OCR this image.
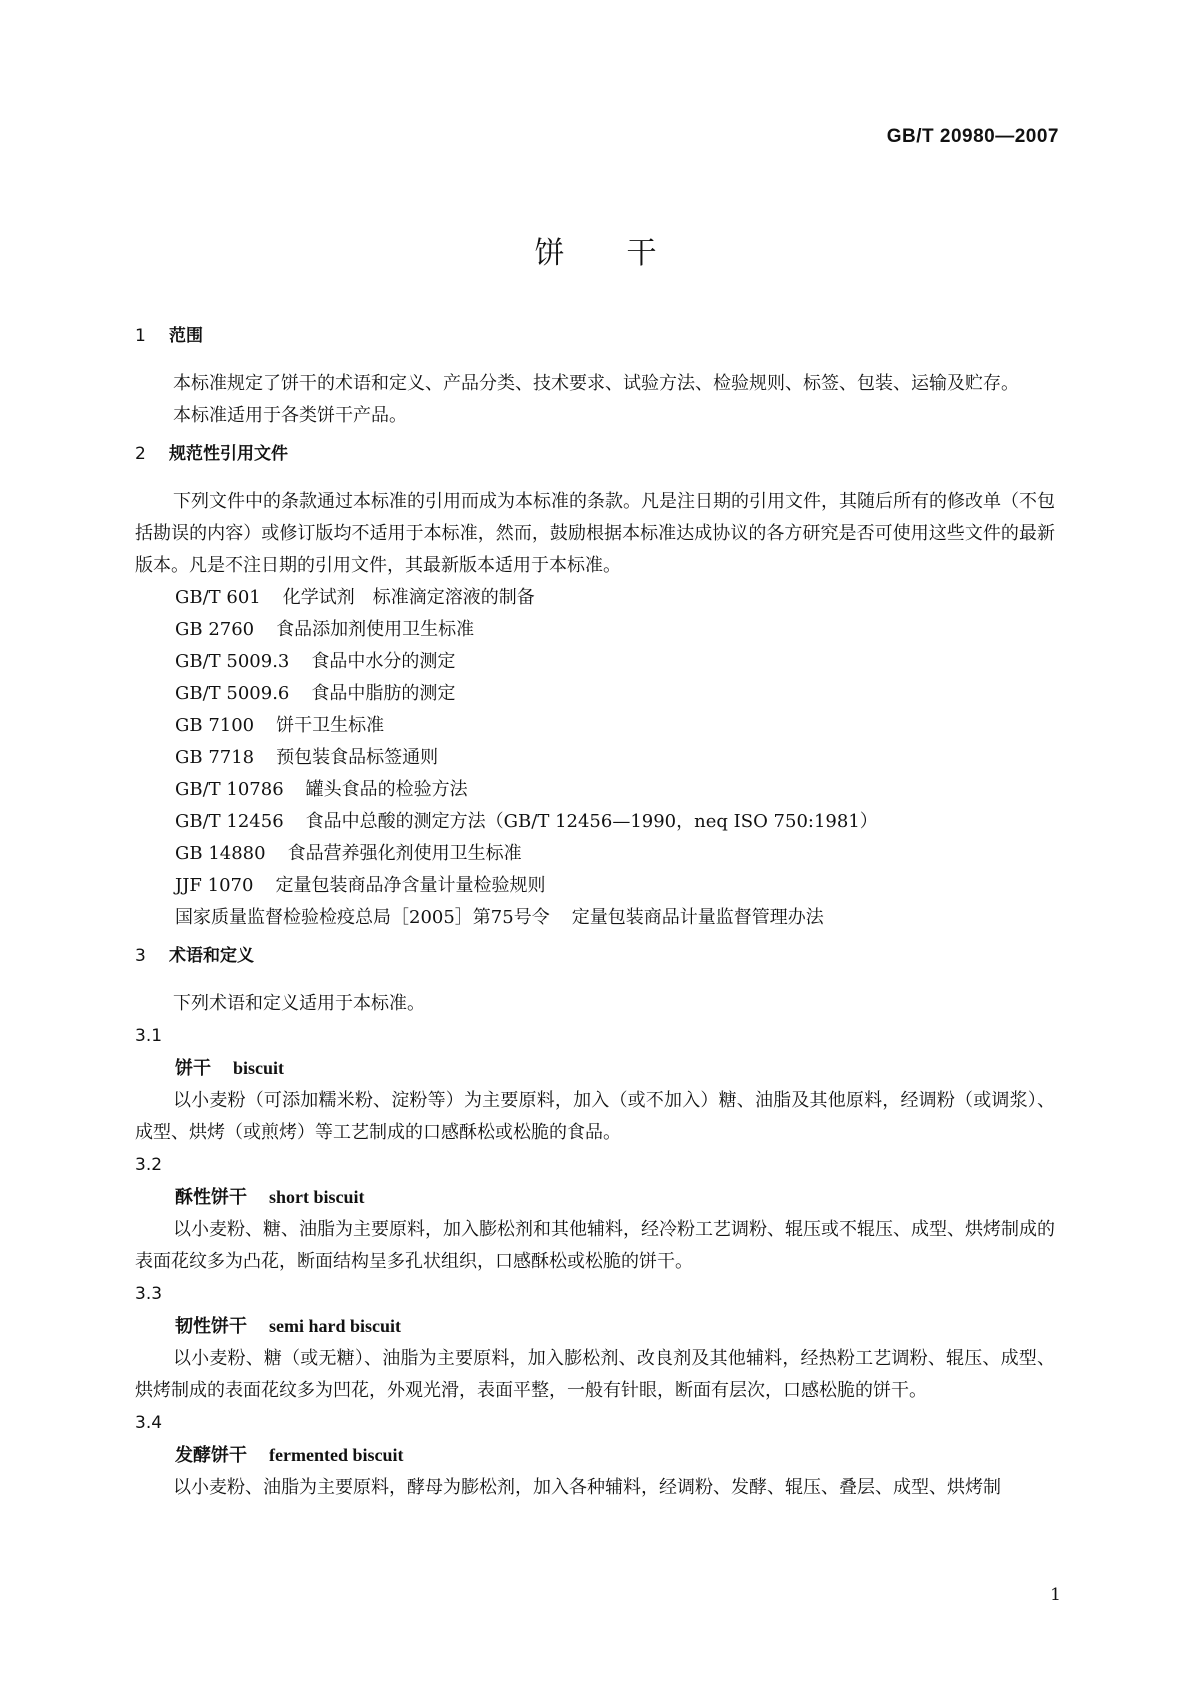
GB/T 20980—2007
饼干
1 范围
本标准规定了饼干的术语和定义、产品分类、技术要求、试验方法、检验规则、标签、包装、运输及贮存。
本标准适用于各类饼干产品。
2 规范性引用文件
下列文件中的条款通过本标准的引用而成为本标准的条款。凡是注日期的引用文件，其随后所有的修改单（不包括勘误的内容）或修订版均不适用于本标准，然而，鼓励根据本标准达成协议的各方研究是否可使用这些文件的最新版本。凡是不注日期的引用文件，其最新版本适用于本标准。
GB/T 601 化学试剂　标准滴定溶液的制备
GB 2760 食品添加剂使用卫生标准
GB/T 5009.3 食品中水分的测定
GB/T 5009.6 食品中脂肪的测定
GB 7100 饼干卫生标准
GB 7718 预包装食品标签通则
GB/T 10786 罐头食品的检验方法
GB/T 12456 食品中总酸的测定方法（GB/T 12456—1990，neq ISO 750:1981）
GB 14880 食品营养强化剂使用卫生标准
JJF 1070 定量包装商品净含量计量检验规则
国家质量监督检验检疫总局［2005］第75号令 定量包装商品计量监督管理办法
3 术语和定义
下列术语和定义适用于本标准。
3.1
饼干 biscuit
以小麦粉（可添加糯米粉、淀粉等）为主要原料，加入（或不加入）糖、油脂及其他原料，经调粉（或调浆）、成型、烘烤（或煎烤）等工艺制成的口感酥松或松脆的食品。
3.2
酥性饼干 short biscuit
以小麦粉、糖、油脂为主要原料，加入膨松剂和其他辅料，经冷粉工艺调粉、辊压或不辊压、成型、烘烤制成的表面花纹多为凸花，断面结构呈多孔状组织，口感酥松或松脆的饼干。
3.3
韧性饼干 semi hard biscuit
以小麦粉、糖（或无糖）、油脂为主要原料，加入膨松剂、改良剂及其他辅料，经热粉工艺调粉、辊压、成型、烘烤制成的表面花纹多为凹花，外观光滑，表面平整，一般有针眼，断面有层次，口感松脆的饼干。
3.4
发酵饼干 fermented biscuit
以小麦粉、油脂为主要原料，酵母为膨松剂，加入各种辅料，经调粉、发酵、辊压、叠层、成型、烘烤制
1
